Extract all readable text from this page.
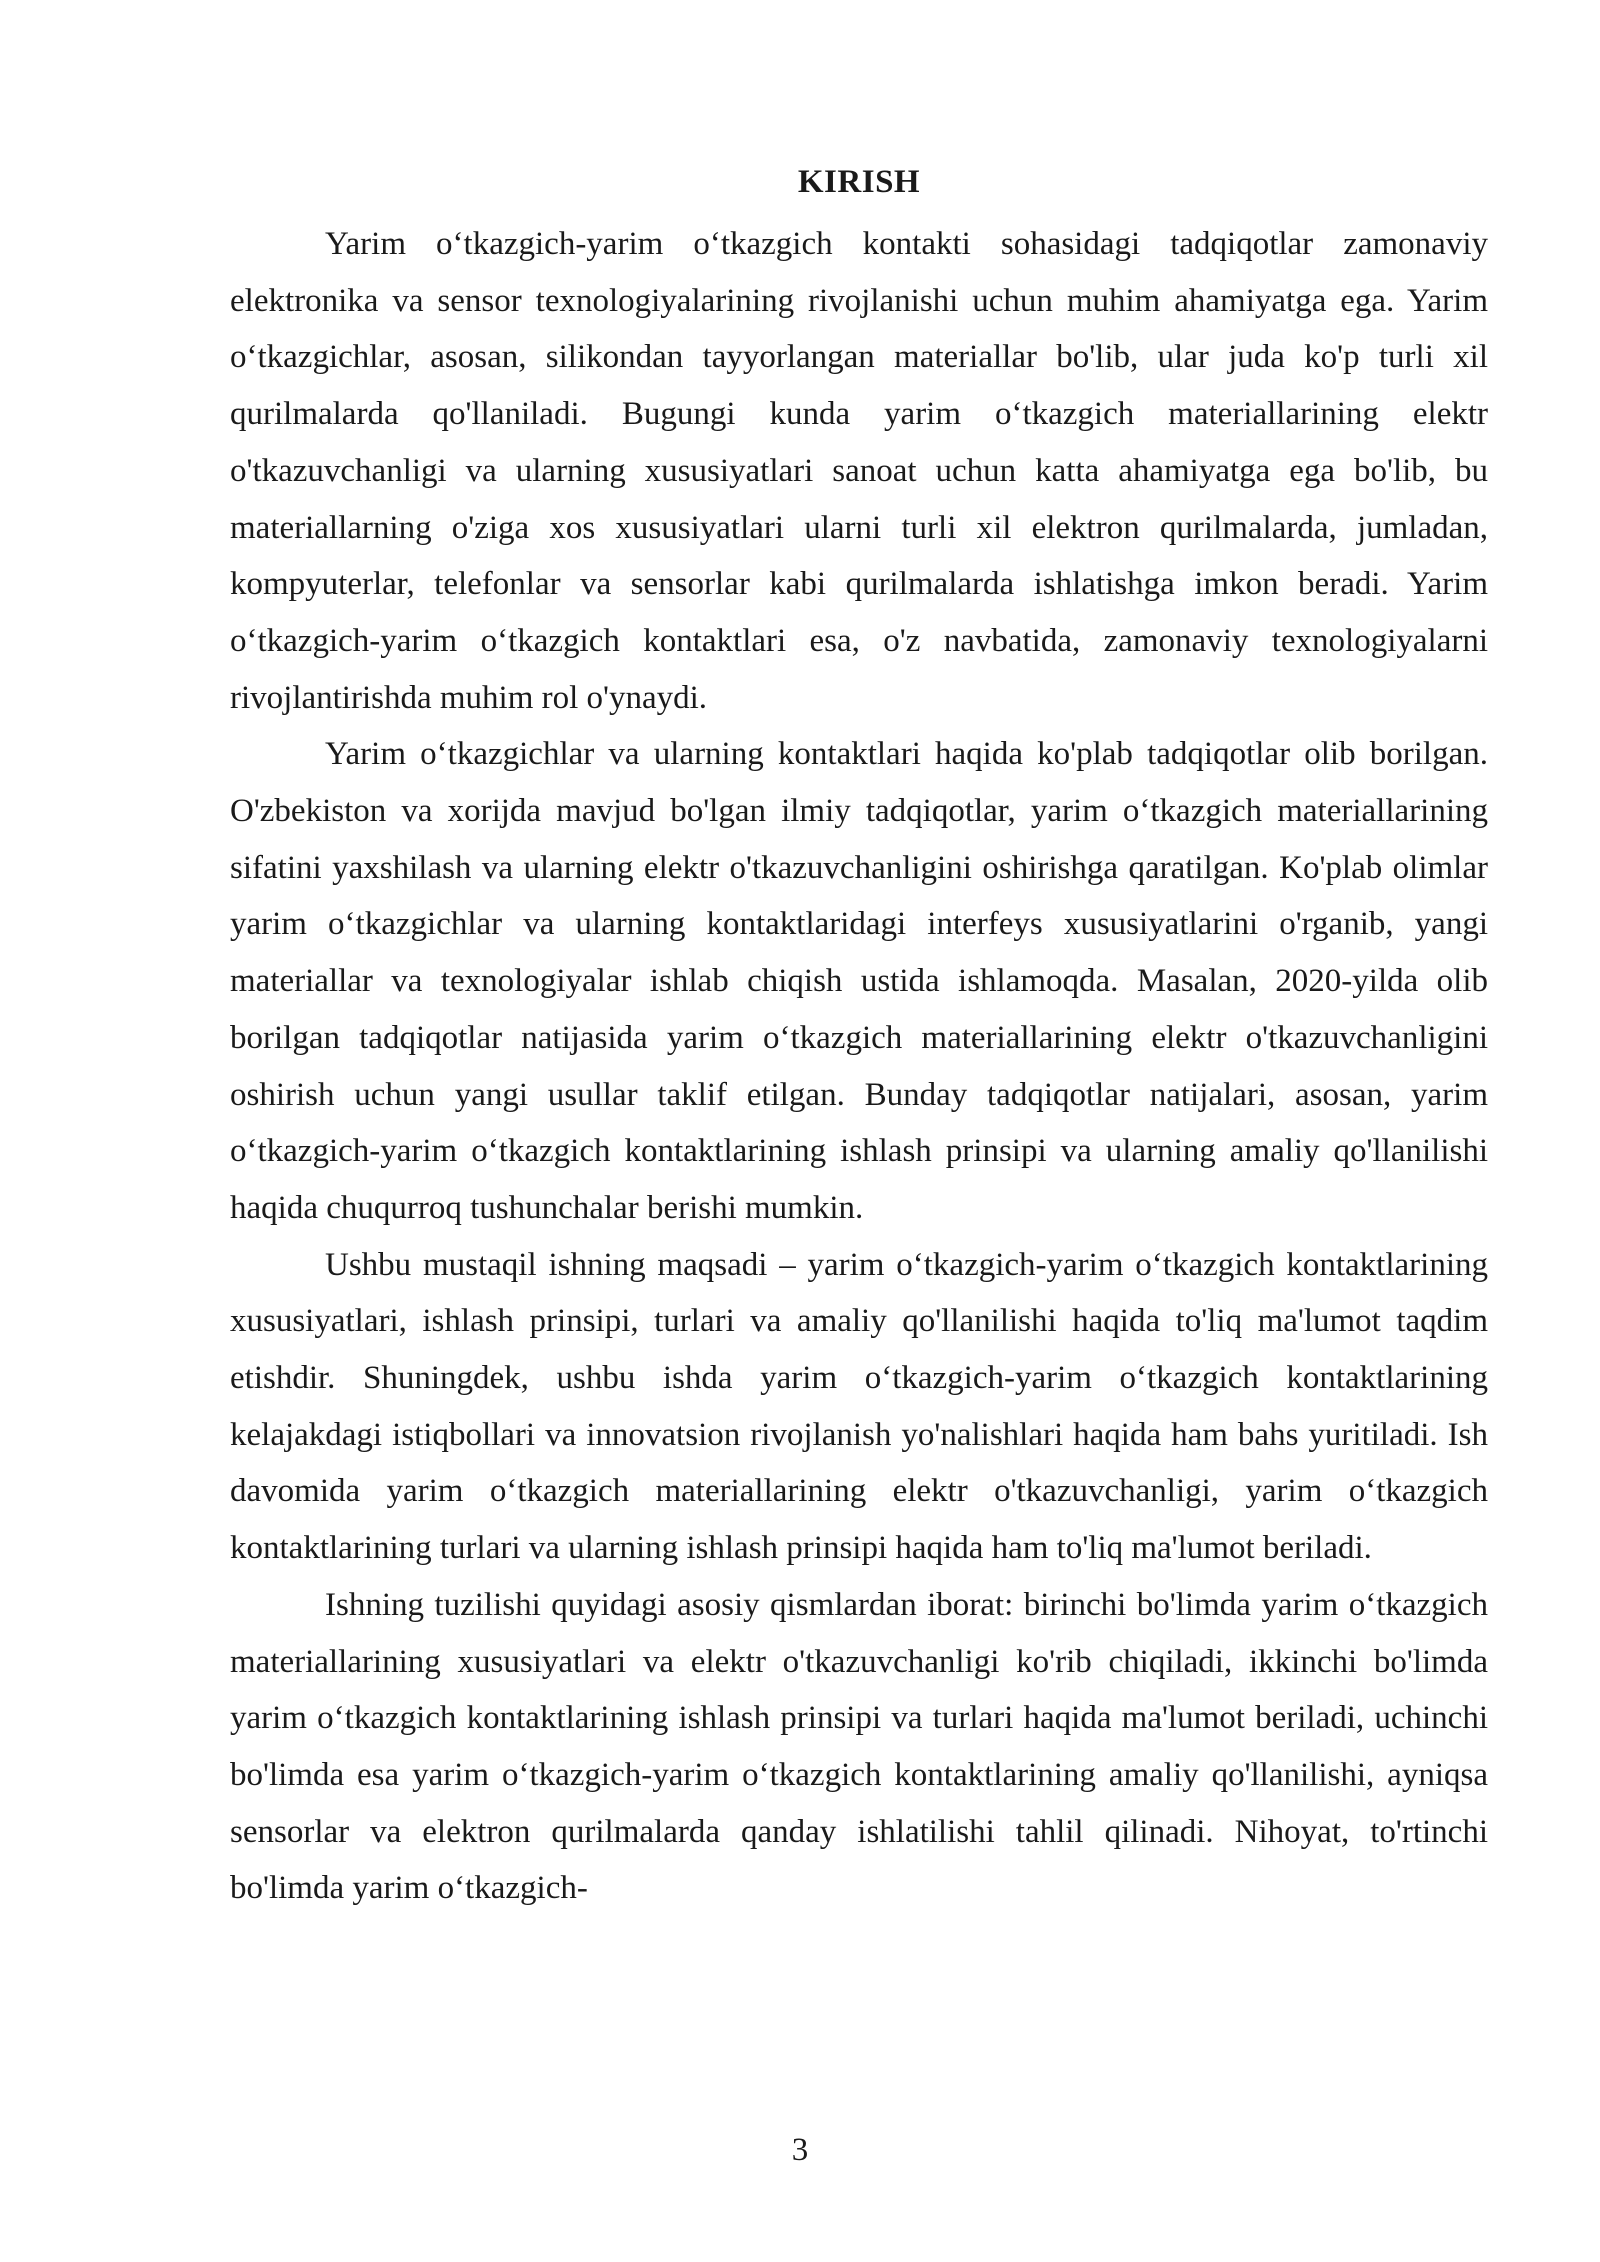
KIRISH

Yarim o‘tkazgich-yarim o‘tkazgich kontakti sohasidagi tadqiqotlar zamonaviy elektronika va sensor texnologiyalarining rivojlanishi uchun muhim ahamiyatga ega. Yarim o‘tkazgichlar, asosan, silikondan tayyorlangan materiallar bo'lib, ular juda ko'p turli xil qurilmalarda qo'llaniladi. Bugungi kunda yarim o‘tkazgich materiallarining elektr o'tkazuvchanligi va ularning xususiyatlari sanoat uchun katta ahamiyatga ega bo'lib, bu materiallarning o'ziga xos xususiyatlari ularni turli xil elektron qurilmalarda, jumladan, kompyuterlar, telefonlar va sensorlar kabi qurilmalarda ishlatishga imkon beradi. Yarim o‘tkazgich-yarim o‘tkazgich kontaktlari esa, o'z navbatida, zamonaviy texnologiyalarni rivojlantirishda muhim rol o'ynaydi.

Yarim o‘tkazgichlar va ularning kontaktlari haqida ko'plab tadqiqotlar olib borilgan. O'zbekiston va xorijda mavjud bo'lgan ilmiy tadqiqotlar, yarim o‘tkazgich materiallarining sifatini yaxshilash va ularning elektr o'tkazuvchanligini oshirishga qaratilgan. Ko'plab olimlar yarim o‘tkazgichlar va ularning kontaktlaridagi interfeys xususiyatlarini o'rganib, yangi materiallar va texnologiyalar ishlab chiqish ustida ishlamoqda. Masalan, 2020-yilda olib borilgan tadqiqotlar natijasida yarim o‘tkazgich materiallarining elektr o'tkazuvchanligini oshirish uchun yangi usullar taklif etilgan. Bunday tadqiqotlar natijalari, asosan, yarim o‘tkazgich-yarim o‘tkazgich kontaktlarining ishlash prinsipi va ularning amaliy qo'llanilishi haqida chuqurroq tushunchalar berishi mumkin.

Ushbu mustaqil ishning maqsadi – yarim o‘tkazgich-yarim o‘tkazgich kontaktlarining xususiyatlari, ishlash prinsipi, turlari va amaliy qo'llanilishi haqida to'liq ma'lumot taqdim etishdir. Shuningdek, ushbu ishda yarim o‘tkazgich-yarim o‘tkazgich kontaktlarining kelajakdagi istiqbollari va innovatsion rivojlanish yo'nalishlari haqida ham bahs yuritiladi. Ish davomida yarim o‘tkazgich materiallarining elektr o'tkazuvchanligi, yarim o‘tkazgich kontaktlarining turlari va ularning ishlash prinsipi haqida ham to'liq ma'lumot beriladi.

Ishning tuzilishi quyidagi asosiy qismlardan iborat: birinchi bo'limda yarim o‘tkazgich materiallarining xususiyatlari va elektr o'tkazuvchanligi ko'rib chiqiladi, ikkinchi bo'limda yarim o‘tkazgich kontaktlarining ishlash prinsipi va turlari haqida ma'lumot beriladi, uchinchi bo'limda esa yarim o‘tkazgich-yarim o‘tkazgich kontaktlarining amaliy qo'llanilishi, ayniqsa sensorlar va elektron qurilmalarda qanday ishlatilishi tahlil qilinadi. Nihoyat, to'rtinchi bo'limda yarim o‘tkazgich-

3
